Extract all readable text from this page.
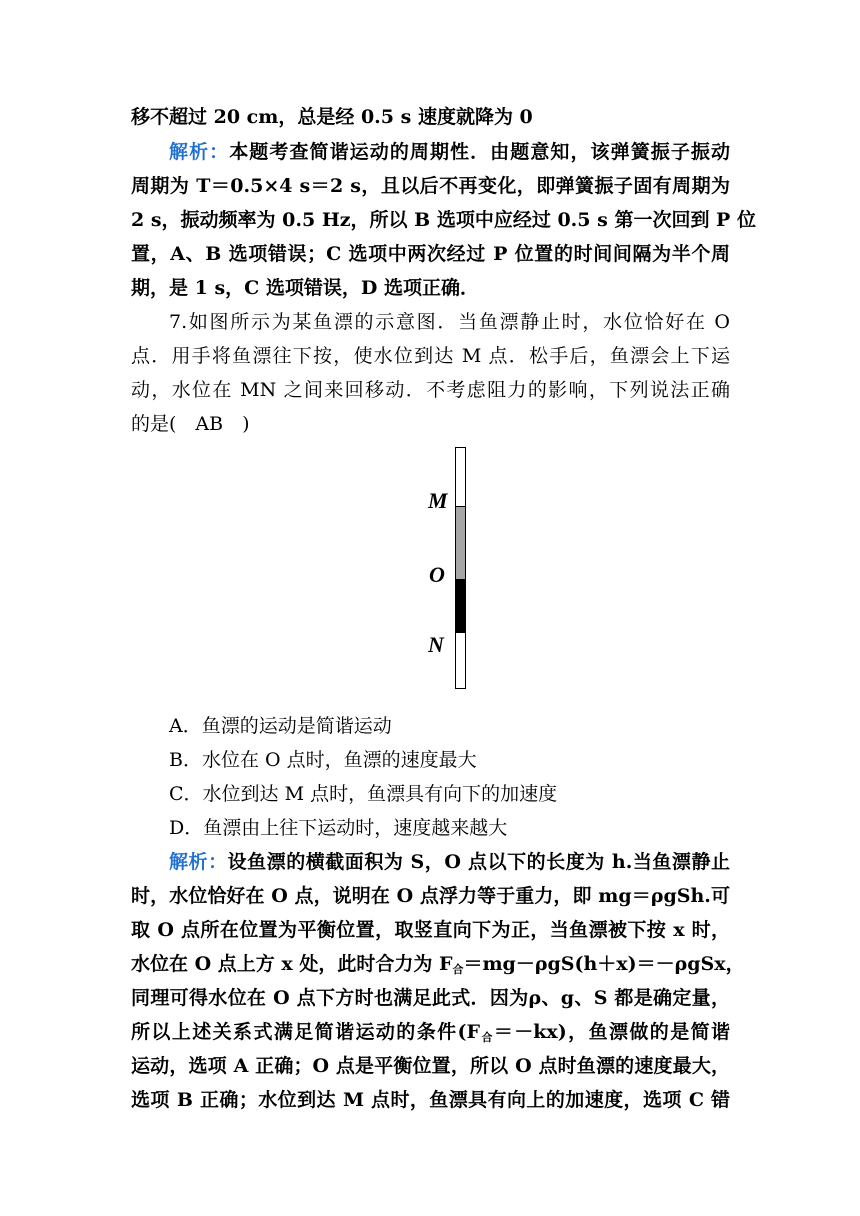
移不超过 20 cm，总是经 0.5 s 速度就降为 0
解析：本题考查简谐运动的周期性．由题意知，该弹簧振子振动
周期为 T＝0.5×4 s＝2 s，且以后不再变化，即弹簧振子固有周期为
2 s，振动频率为 0.5 Hz，所以 B 选项中应经过 0.5 s 第一次回到 P 位
置，A、B 选项错误；C 选项中两次经过 P 位置的时间间隔为半个周
期，是 1 s，C 选项错误，D 选项正确．
7.如图所示为某鱼漂的示意图．当鱼漂静止时，水位恰好在 O
点．用手将鱼漂往下按，使水位到达 M 点．松手后，鱼漂会上下运
动，水位在 MN 之间来回移动．不考虑阻力的影响，下列说法正确
的是(　AB　)
M
O
N
A．鱼漂的运动是简谐运动
B．水位在 O 点时，鱼漂的速度最大
C．水位到达 M 点时，鱼漂具有向下的加速度
D．鱼漂由上往下运动时，速度越来越大
解析：设鱼漂的横截面积为 S，O 点以下的长度为 h.当鱼漂静止
时，水位恰好在 O 点，说明在 O 点浮力等于重力，即 mg＝ρgSh.可
取 O 点所在位置为平衡位置，取竖直向下为正，当鱼漂被下按 x 时，
水位在 O 点上方 x 处，此时合力为 $F_合=mg-\rho gS(h+x)=-\rho gSx$，
同理可得水位在 O 点下方时也满足此式．因为ρ、g、S 都是确定量，
所以上述关系式满足简谐运动的条件$(F_合=-kx)$，鱼漂做的是简谐
运动，选项 A 正确；O 点是平衡位置，所以 O 点时鱼漂的速度最大，
选项 B 正确；水位到达 M 点时，鱼漂具有向上的加速度，选项 C 错
